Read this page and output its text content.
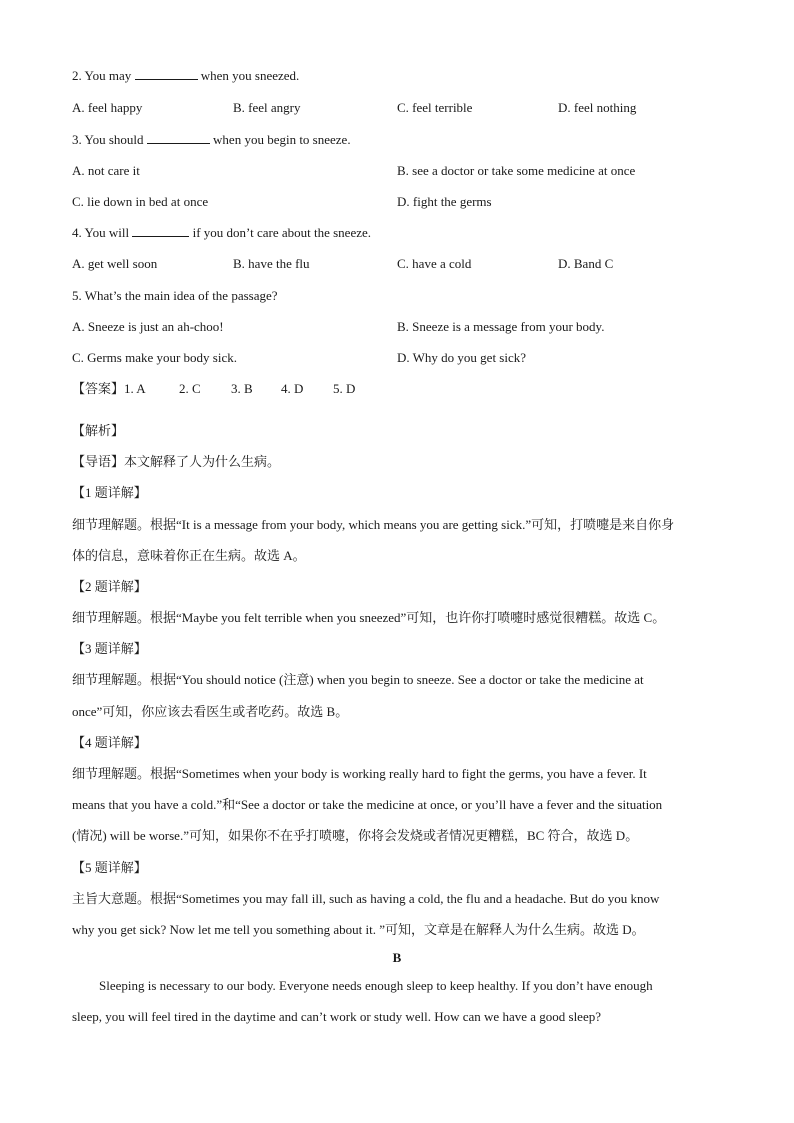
2. You may	when you sneezed.
A. feel happy	B. feel angry	C. feel terrible	D. feel nothing
3. You should	when you begin to sneeze.
A. not care it	B. see a doctor or take some medicine at once
C. lie down in bed at once	D. fight the germs
4. You will	if you don’t care about the sneeze.
A. get well soon	B. have the flu	C. have a cold	D. Band C
5. What’s the main idea of the passage?
A. Sneeze is just an ah-choo!	B. Sneeze is a message from your body.
C. Germs make your body sick.	D. Why do you get sick?
【答案】1. A	2. C 3. B 4. D 5. D
【解析】
【导语】本文解释了人为什么生病。
【1 题详解】
细节理解题。根据“It is a message from your body, which means you are getting sick.”可知，打喷嚏是来自你身
体的信息，意味着你正在生病。故选 A。
【2 题详解】
细节理解题。根据“Maybe you felt terrible when you sneezed”可知，也许你打喷嚏时感觉很糟糕。故选 C。
【3 题详解】
细节理解题。根据“You should notice (注意) when you begin to sneeze. See a doctor or take the medicine at
once”可知，你应该去看医生或者吃药。故选 B。
【4 题详解】
细节理解题。根据“Sometimes when your body is working really hard to fight the germs, you have a fever. It
means that you have a cold.”和“See a doctor or take the medicine at once, or you’ll have a fever and the situation
(情况) will be worse.”可知，如果你不在乎打喷嚏，你将会发烧或者情况更糟糕，BC 符合，故选 D。
【5 题详解】
主旨大意题。根据“Sometimes you may fall ill, such as having a cold, the flu and a headache. But do you know
why you get sick? Now let me tell you something about it. ”可知，文章是在解释人为什么生病。故选 D。
B
Sleeping is necessary to our body. Everyone needs enough sleep to keep healthy. If you don’t have enough
sleep, you will feel tired in the daytime and can’t work or study well. How can we have a good sleep?
